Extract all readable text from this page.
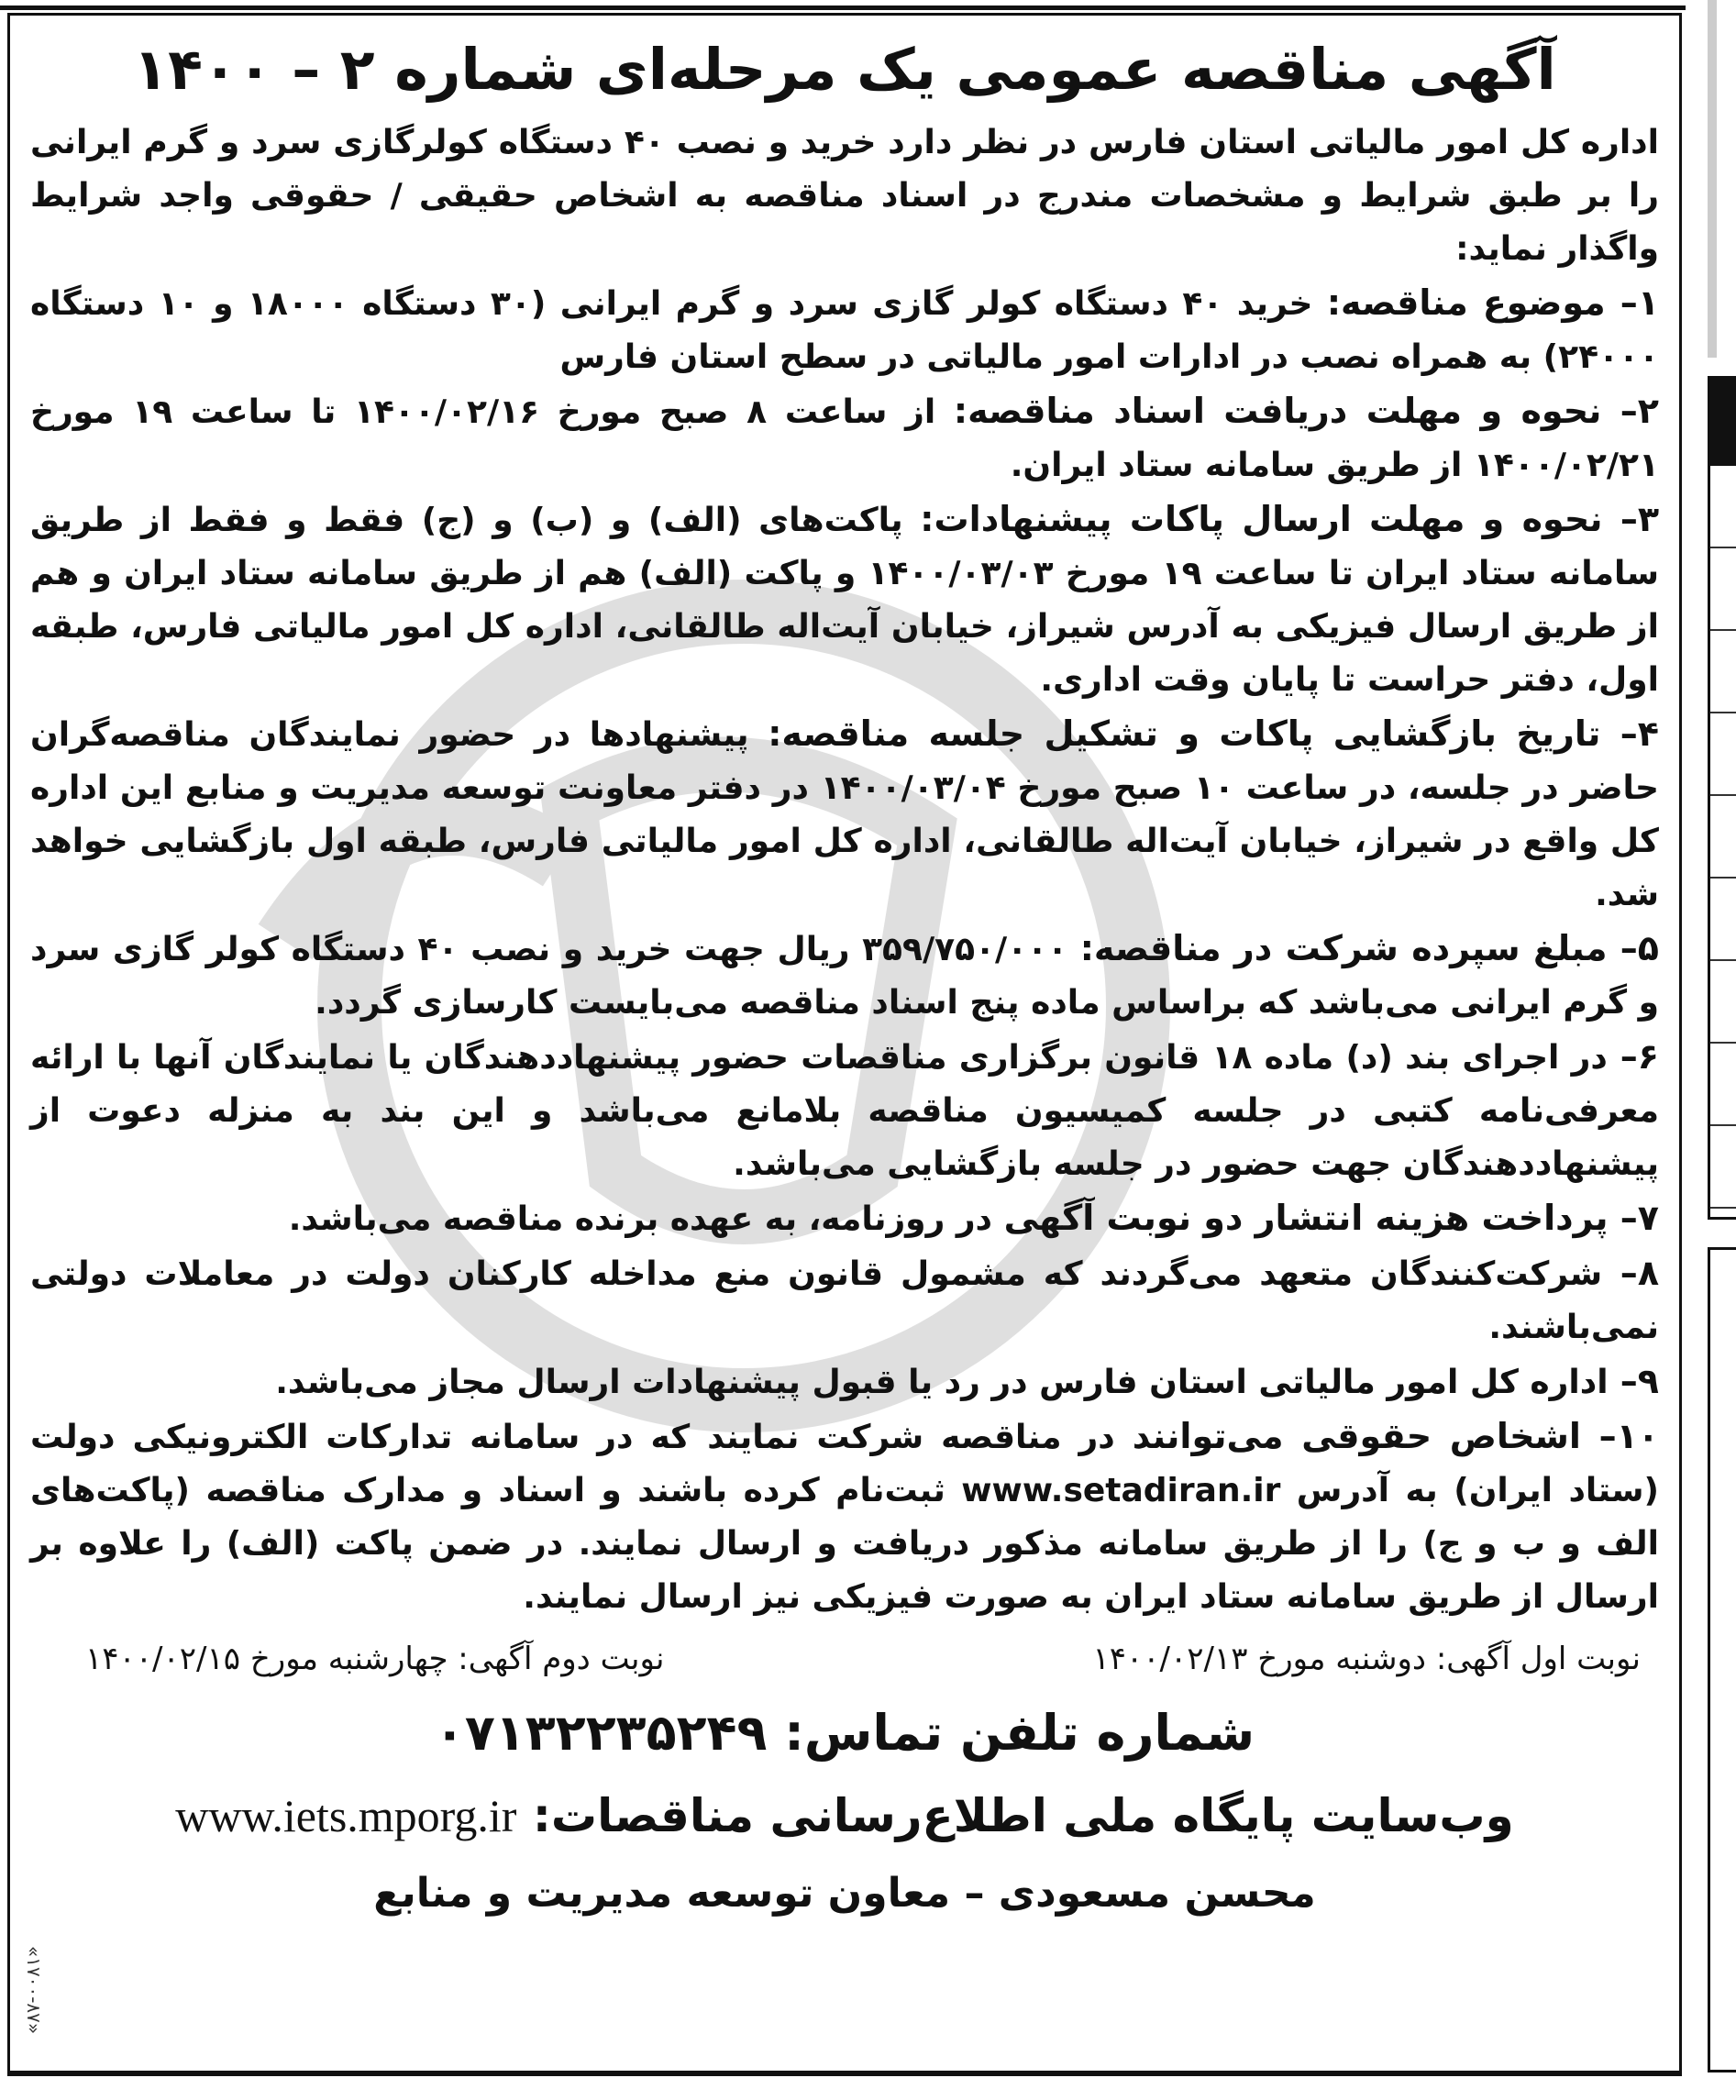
آگهی مناقصه عمومی یک مرحله‌ای شماره ۲ – ۱۴۰۰

اداره کل امور مالیاتی استان فارس در نظر دارد خرید و نصب ۴۰ دستگاه کولرگازی سرد و گرم ایرانی را بر طبق شرایط و مشخصات مندرج در اسناد مناقصه به اشخاص حقیقی / حقوقی واجد شرایط واگذار نماید:

۱– موضوع مناقصه: خرید ۴۰ دستگاه کولر گازی سرد و گرم ایرانی (۳۰ دستگاه ۱۸۰۰۰ و ۱۰ دستگاه ۲۴۰۰۰) به همراه نصب در ادارات امور مالیاتی در سطح استان فارس

۲– نحوه و مهلت دریافت اسناد مناقصه: از ساعت ۸ صبح مورخ ۱۴۰۰/۰۲/۱۶ تا ساعت ۱۹ مورخ ۱۴۰۰/۰۲/۲۱ از طریق سامانه ستاد ایران.

۳– نحوه و مهلت ارسال پاکات پیشنهادات: پاکت‌های (الف) و (ب) و (ج) فقط و فقط از طریق سامانه ستاد ایران تا ساعت ۱۹ مورخ ۱۴۰۰/۰۳/۰۳ و پاکت (الف) هم از طریق سامانه ستاد ایران و هم از طریق ارسال فیزیکی به آدرس شیراز، خیابان آیت‌اله طالقانی، اداره کل امور مالیاتی فارس، طبقه اول، دفتر حراست تا پایان وقت اداری.

۴– تاریخ بازگشایی پاکات و تشکیل جلسه مناقصه: پیشنهادها در حضور نمایندگان مناقصه‌گران حاضر در جلسه، در ساعت ۱۰ صبح مورخ ۱۴۰۰/۰۳/۰۴ در دفتر معاونت توسعه مدیریت و منابع این اداره کل واقع در شیراز، خیابان آیت‌اله طالقانی، اداره کل امور مالیاتی فارس، طبقه اول بازگشایی خواهد شد.

۵– مبلغ سپرده شرکت در مناقصه: ۳۵۹/۷۵۰/۰۰۰ ریال جهت خرید و نصب ۴۰ دستگاه کولر گازی سرد و گرم ایرانی می‌باشد که براساس ماده پنج اسناد مناقصه می‌بایست کارسازی گردد.

۶– در اجرای بند (د) ماده ۱۸ قانون برگزاری مناقصات حضور پیشنهاددهندگان یا نمایندگان آنها با ارائه معرفی‌نامه کتبی در جلسه کمیسیون مناقصه بلامانع می‌باشد و این بند به منزله دعوت از پیشنهاددهندگان جهت حضور در جلسه بازگشایی می‌باشد.

۷– پرداخت هزینه انتشار دو نوبت آگهی در روزنامه، به عهده برنده مناقصه می‌باشد.

۸– شرکت‌کنندگان متعهد می‌گردند که مشمول قانون منع مداخله کارکنان دولت در معاملات دولتی نمی‌باشند.

۹– اداره کل امور مالیاتی استان فارس در رد یا قبول پیشنهادات ارسال مجاز می‌باشد.

۱۰– اشخاص حقوقی می‌توانند در مناقصه شرکت نمایند که در سامانه تدارکات الکترونیکی دولت (ستاد ایران) به آدرس www.setadiran.ir ثبت‌نام کرده باشند و اسناد و مدارک مناقصه (پاکت‌های الف و ب و ج) را از طریق سامانه مذکور دریافت و ارسال نمایند. در ضمن پاکت (الف) را علاوه بر ارسال از طریق سامانه ستاد ایران به صورت فیزیکی نیز ارسال نمایند.

نوبت اول آگهی: دوشنبه مورخ ۱۴۰۰/۰۲/۱۳
نوبت دوم آگهی: چهارشنبه مورخ ۱۴۰۰/۰۲/۱۵
شماره تلفن تماس: ۰۷۱۳۲۲۳۵۲۴۹
وب‌سایت پایگاه ملی اطلاع‌رسانی مناقصات: www.iets.mporg.ir
محسن مسعودی – معاون توسعه مدیریت و منابع
«۱۷۰۰-۸۷»
